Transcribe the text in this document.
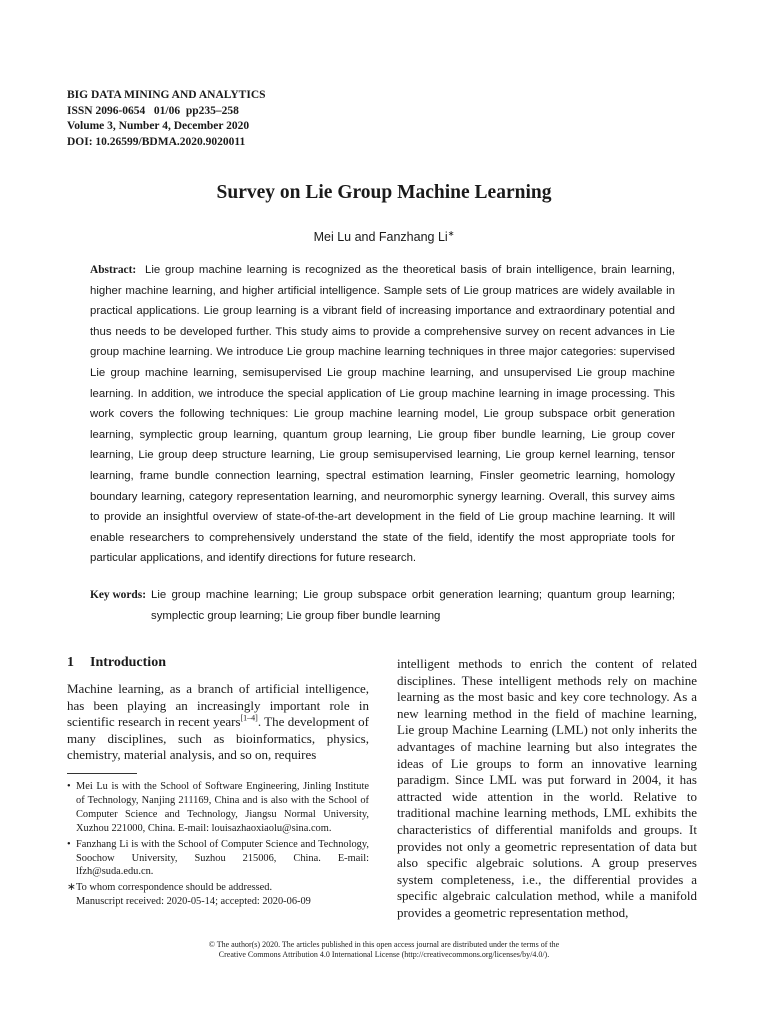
BIG DATA MINING AND ANALYTICS
ISSN 2096-0654   01/06  pp235–258
Volume 3, Number 4, December 2020
DOI: 10.26599/BDMA.2020.9020011
Survey on Lie Group Machine Learning
Mei Lu and Fanzhang Li∗
Abstract: Lie group machine learning is recognized as the theoretical basis of brain intelligence, brain learning, higher machine learning, and higher artificial intelligence. Sample sets of Lie group matrices are widely available in practical applications. Lie group learning is a vibrant field of increasing importance and extraordinary potential and thus needs to be developed further. This study aims to provide a comprehensive survey on recent advances in Lie group machine learning. We introduce Lie group machine learning techniques in three major categories: supervised Lie group machine learning, semisupervised Lie group machine learning, and unsupervised Lie group machine learning. In addition, we introduce the special application of Lie group machine learning in image processing. This work covers the following techniques: Lie group machine learning model, Lie group subspace orbit generation learning, symplectic group learning, quantum group learning, Lie group fiber bundle learning, Lie group cover learning, Lie group deep structure learning, Lie group semisupervised learning, Lie group kernel learning, tensor learning, frame bundle connection learning, spectral estimation learning, Finsler geometric learning, homology boundary learning, category representation learning, and neuromorphic synergy learning. Overall, this survey aims to provide an insightful overview of state-of-the-art development in the field of Lie group machine learning. It will enable researchers to comprehensively understand the state of the field, identify the most appropriate tools for particular applications, and identify directions for future research.
Key words: Lie group machine learning; Lie group subspace orbit generation learning; quantum group learning; symplectic group learning; Lie group fiber bundle learning
1 Introduction
Machine learning, as a branch of artificial intelligence, has been playing an increasingly important role in scientific research in recent years[1–4]. The development of many disciplines, such as bioinformatics, physics, chemistry, material analysis, and so on, requires
• Mei Lu is with the School of Software Engineering, Jinling Institute of Technology, Nanjing 211169, China and is also with the School of Computer Science and Technology, Jiangsu Normal University, Xuzhou 221000, China. E-mail: louisazhaoxiaolu@sina.com.
• Fanzhang Li is with the School of Computer Science and Technology, Soochow University, Suzhou 215006, China. E-mail: lfzh@suda.edu.cn.
∗ To whom correspondence should be addressed.
Manuscript received: 2020-05-14; accepted: 2020-06-09
intelligent methods to enrich the content of related disciplines. These intelligent methods rely on machine learning as the most basic and key core technology. As a new learning method in the field of machine learning, Lie group Machine Learning (LML) not only inherits the advantages of machine learning but also integrates the ideas of Lie groups to form an innovative learning paradigm. Since LML was put forward in 2004, it has attracted wide attention in the world. Relative to traditional machine learning methods, LML exhibits the characteristics of differential manifolds and groups. It provides not only a geometric representation of data but also specific algebraic solutions. A group preserves system completeness, i.e., the differential provides a specific algebraic calculation method, while a manifold provides a geometric representation method,
© The author(s) 2020. The articles published in this open access journal are distributed under the terms of the
Creative Commons Attribution 4.0 International License (http://creativecommons.org/licenses/by/4.0/).
